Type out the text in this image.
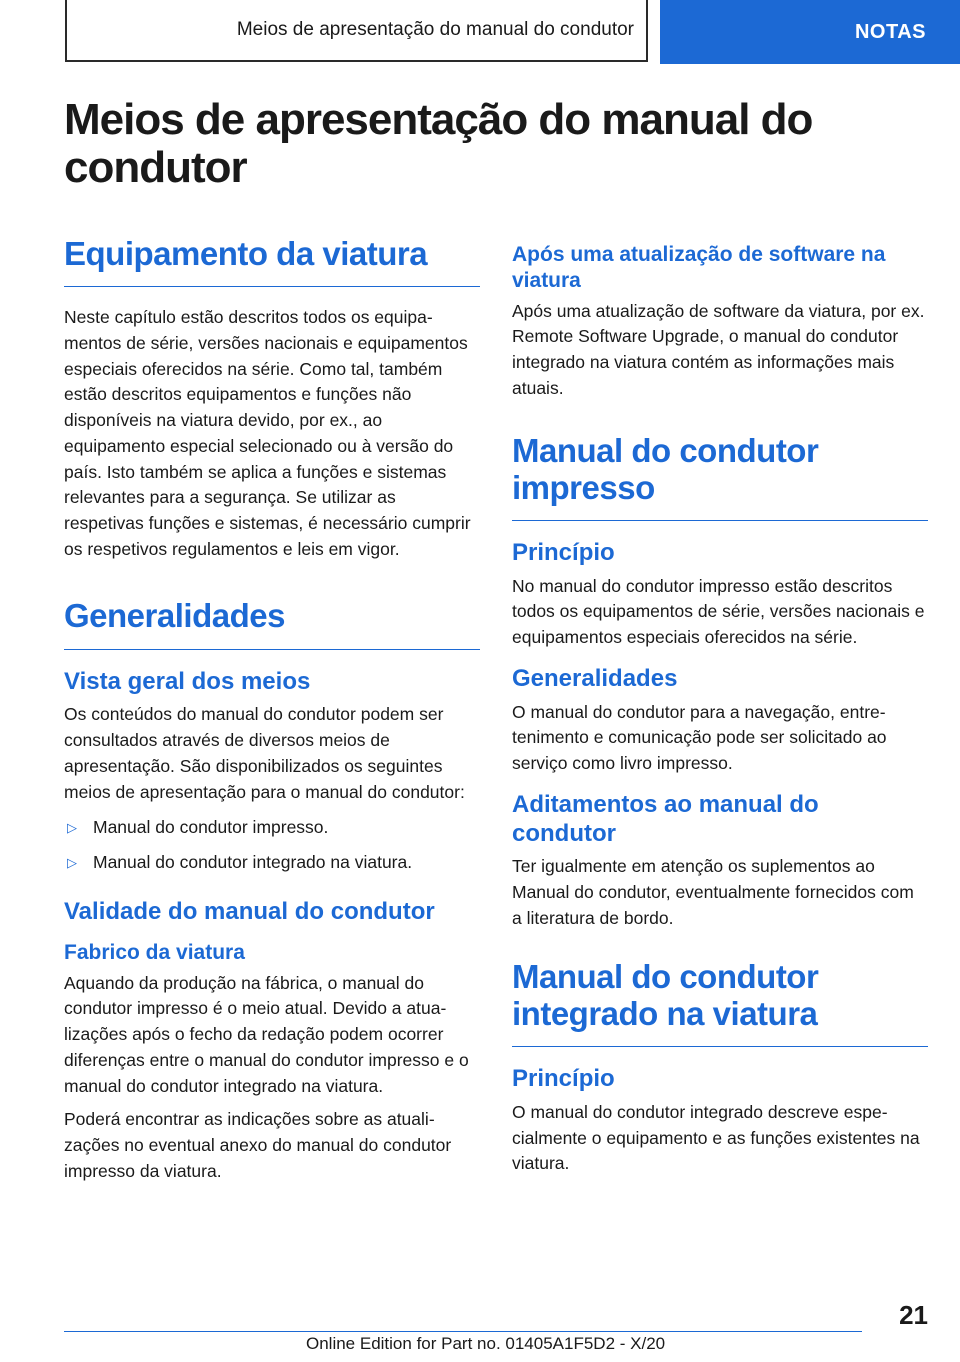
Meios de apresentação do manual do condutor	NOTAS
Meios de apresentação do manual do condutor
Equipamento da viatura

Neste capítulo estão descritos todos os equipamentos de série, versões nacionais e equipamentos especiais oferecidos na série. Como tal, também estão descritos equipamentos e funções não disponíveis na viatura devido, por ex., ao equipamento especial selecionado ou à versão do país. Isto também se aplica a funções e sistemas relevantes para a segurança. Se utilizar as respetivas funções e sistemas, é necessário cumprir os respetivos regulamentos e leis em vigor.

Generalidades
Vista geral dos meios

Os conteúdos do manual do condutor podem ser consultados através de diversos meios de apresentação. São disponibilizados os seguintes meios de apresentação para o manual do condutor:

▷ Manual do condutor impresso.
▷ Manual do condutor integrado na viatura.
Validade do manual do condutor
Fabrico da viatura

Aquando da produção na fábrica, o manual do condutor impresso é o meio atual. Devido a atualizações após o fecho da redação podem ocorrer diferenças entre o manual do condutor impresso e o manual do condutor integrado na viatura.

Poderá encontrar as indicações sobre as atualizações no eventual anexo do manual do condutor impresso da viatura.

Após uma atualização de software na viatura

Após uma atualização de software da viatura, por ex. Remote Software Upgrade, o manual do condutor integrado na viatura contém as informações mais atuais.

Manual do condutor impresso
Princípio

No manual do condutor impresso estão descritos todos os equipamentos de série, versões nacionais e equipamentos especiais oferecidos na série.

Generalidades

O manual do condutor para a navegação, entretenimento e comunicação pode ser solicitado ao serviço como livro impresso.

Aditamentos ao manual do condutor

Ter igualmente em atenção os suplementos ao Manual do condutor, eventualmente fornecidos com a literatura de bordo.

Manual do condutor integrado na viatura
Princípio

O manual do condutor integrado descreve especialmente o equipamento e as funções existentes na viatura.

21
Online Edition for Part no. 01405A1F5D2 - X/20
